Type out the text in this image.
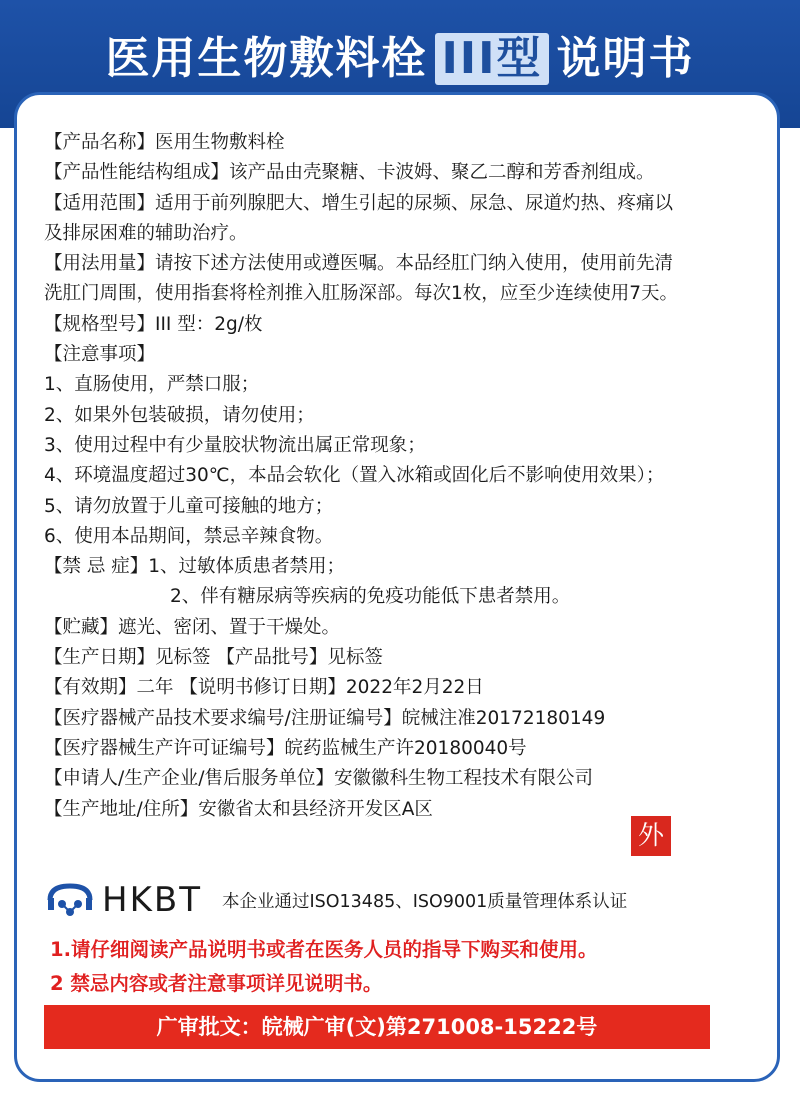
医用生物敷料栓 III型 说明书
【产品名称】医用生物敷料栓
【产品性能结构组成】该产品由壳聚糖、卡波姆、聚乙二醇和芳香剂组成。
【适用范围】适用于前列腺肥大、增生引起的尿频、尿急、尿道灼热、疼痛以
及排尿困难的辅助治疗。
【用法用量】请按下述方法使用或遵医嘱。本品经肛门纳入使用，使用前先清
洗肛门周围，使用指套将栓剂推入肛肠深部。每次1枚，应至少连续使用7天。
【规格型号】III 型：2g/枚
【注意事项】
1、直肠使用，严禁口服；
2、如果外包装破损，请勿使用；
3、使用过程中有少量胶状物流出属正常现象；
4、环境温度超过30℃，本品会软化（置入冰箱或固化后不影响使用效果）；
5、请勿放置于儿童可接触的地方；
6、使用本品期间，禁忌辛辣食物。
【禁 忌 症】1、过敏体质患者禁用；
2、伴有糖尿病等疾病的免疫功能低下患者禁用。
【贮藏】遮光、密闭、置于干燥处。
【生产日期】见标签 【产品批号】见标签
【有效期】二年 【说明书修订日期】2022年2月22日
【医疗器械产品技术要求编号/注册证编号】皖械注准20172180149
【医疗器械生产许可证编号】皖药监械生产许20180040号
【申请人/生产企业/售后服务单位】安徽徽科生物工程技术有限公司
【生产地址/住所】安徽省太和县经济开发区A区
外
HKBT 本企业通过ISO13485、ISO9001质量管理体系认证
1.请仔细阅读产品说明书或者在医务人员的指导下购买和使用。
2 禁忌内容或者注意事项详见说明书。
广审批文：皖械广审(文)第271008-15222号
